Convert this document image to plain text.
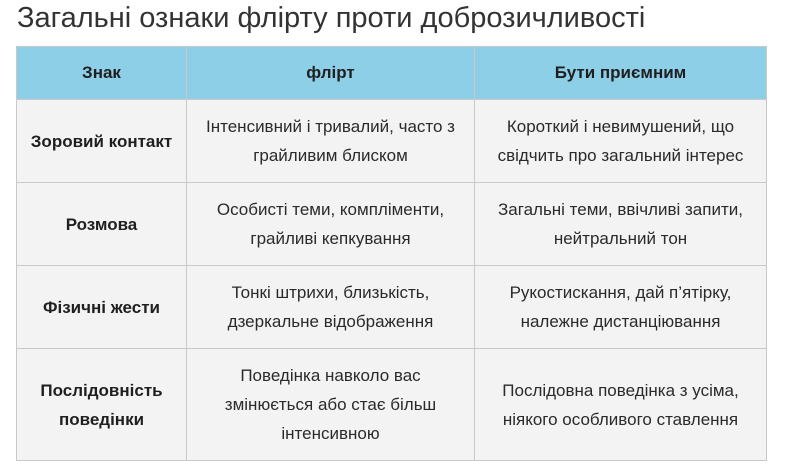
Загальні ознаки флірту проти доброзичливості
Знак	флірт	Бути приємним
Зоровий контакт	Інтенсивний і тривалий, часто з грайливим блиском	Короткий і невимушений, що свідчить про загальний інтерес
Розмова	Особисті теми, компліменти, грайливі кепкування	Загальні теми, ввічливі запити, нейтральний тон
Фізичні жести	Тонкі штрихи, близькість, дзеркальне відображення	Рукостискання, дай п’ятірку, належне дистанціювання
Послідовність поведінки	Поведінка навколо вас змінюється або стає більш інтенсивною	Послідовна поведінка з усіма, ніякого особливого ставлення
